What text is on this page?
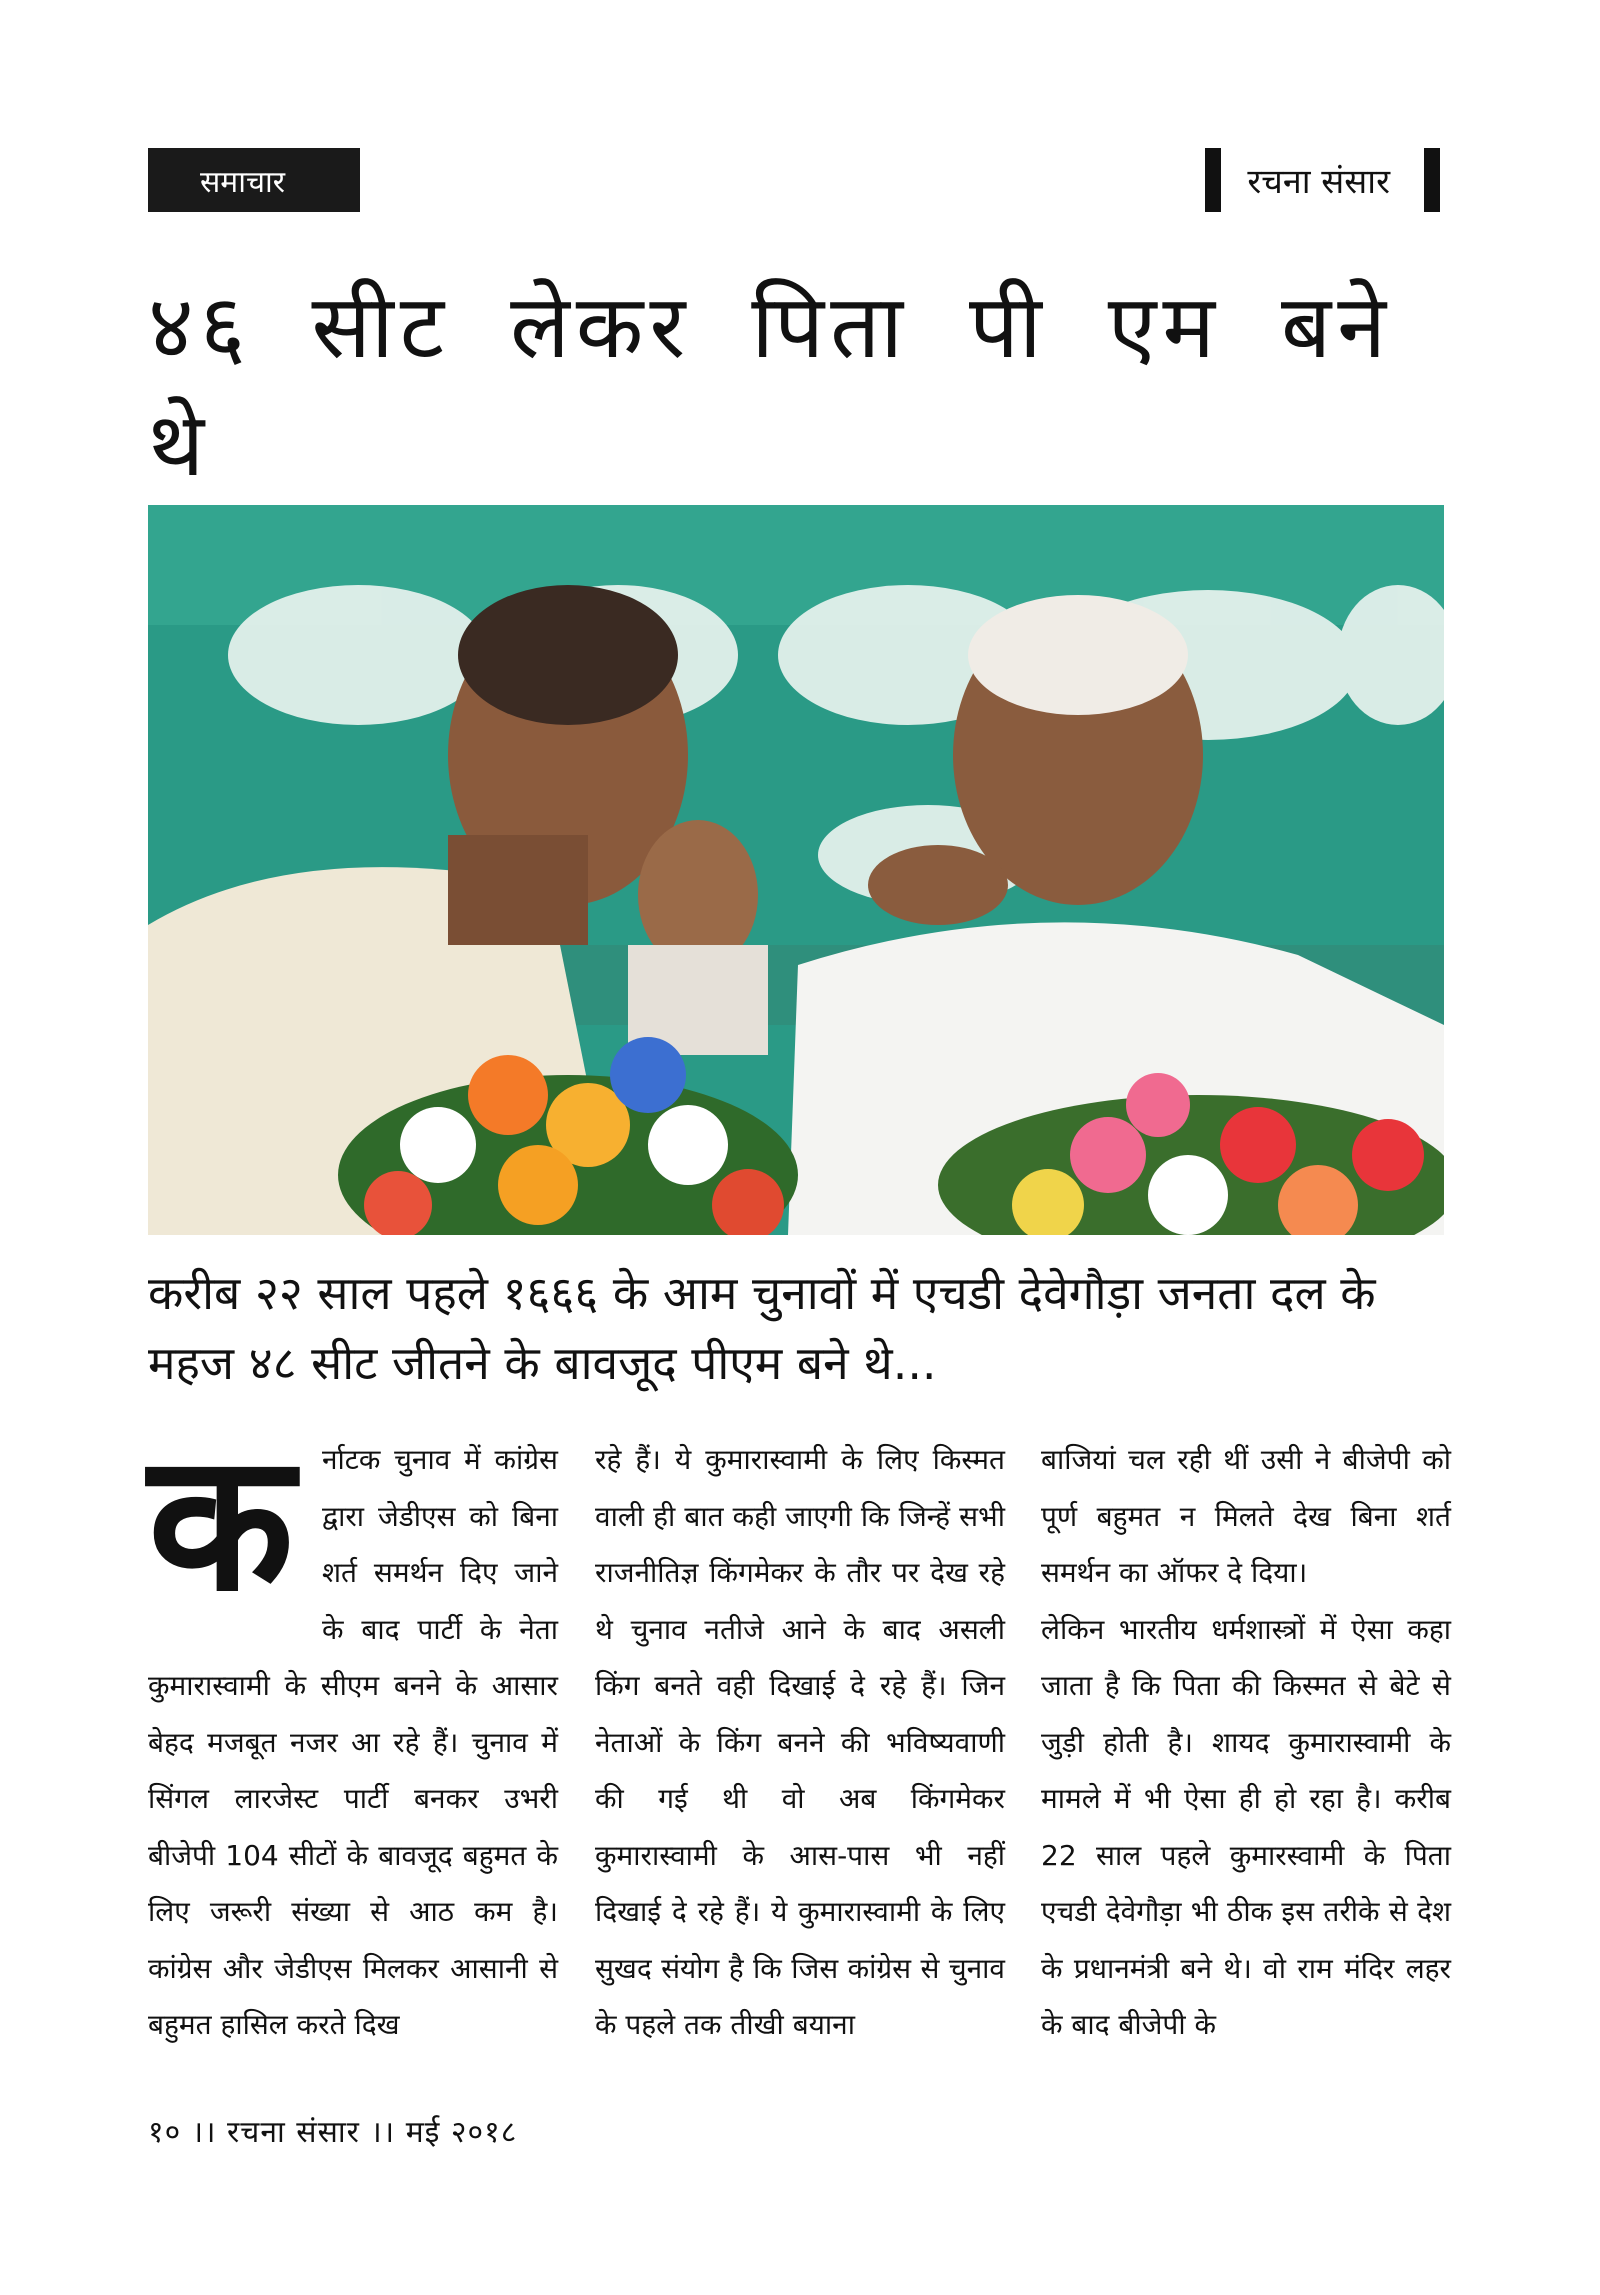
समाचार	रचना संसार
४६ सीट लेकर पिता पी एम बने थे
करीब २२ साल पहले १६६६ के आम चुनावों में एचडी देवेगौड़ा जनता दल के महज ४८ सीट जीतने के बावजूद पीएम बने थे...
क	र्नाटक चुनाव में कांग्रेस द्वारा जेडीएस को बिना शर्त समर्थन दिए जाने के बाद पार्टी के नेता कुमारास्वामी के सीएम बनने के आसार बेहद मजबूत नजर आ रहे हैं। चुनाव में सिंगल लारजेस्ट पार्टी बनकर उभरी बीजेपी 104 सीटों के बावजूद बहुमत के लिए जरूरी संख्या से आठ कम है। कांग्रेस और जेडीएस मिलकर आसानी से बहुमत हासिल करते दिख

रहे हैं। ये कुमारास्वामी के लिए किस्मत वाली ही बात कही जाएगी कि जिन्हें सभी राजनीतिज्ञ किंगमेकर के तौर पर देख रहे थे चुनाव नतीजे आने के बाद असली किंग बनते वही दिखाई दे रहे हैं। जिन नेताओं के किंग बनने की भविष्यवाणी की गई थी वो अब किंगमेकर कुमारास्वामी के आस-पास भी नहीं दिखाई दे रहे हैं। ये कुमारास्वामी के लिए सुखद संयोग है कि जिस कांग्रेस से चुनाव के पहले तक तीखी बयाना

बाजियां चल रही थीं उसी ने बीजेपी को पूर्ण बहुमत न मिलते देख बिना शर्त समर्थन का ऑफर दे दिया।

लेकिन भारतीय धर्मशास्त्रों में ऐसा कहा जाता है कि पिता की किस्मत से बेटे से जुड़ी होती है। शायद कुमारास्वामी के मामले में भी ऐसा ही हो रहा है। करीब 22 साल पहले कुमारस्वामी के पिता एचडी देवेगौड़ा भी ठीक इस तरीके से देश के प्रधानमंत्री बने थे। वो राम मंदिर लहर के बाद बीजेपी के

१० ।। रचना संसार ।। मई २०१८
